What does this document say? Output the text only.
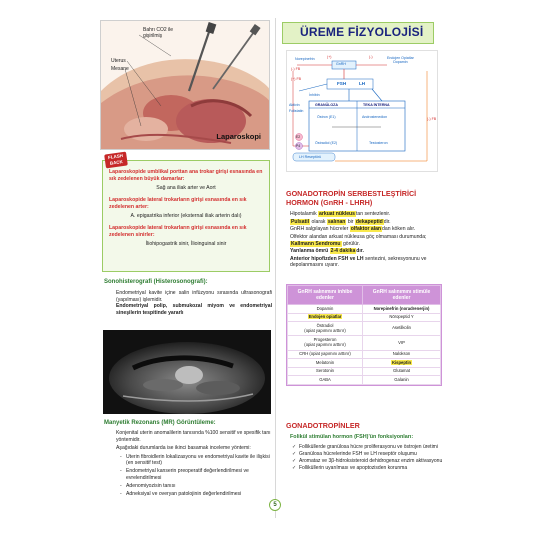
Bahrı CO2 ile
gişirilmiş
Uterus
Mesane
Laparoskopi
Laparoskopide umblikal porttan ana trokar girişi esnasında en sık zedelenen büyük damarlar:
Sağ ana iliak arter ve Aort
Laparoskopide lateral trokarların girişi esnasında en sık zedelenen arter:
A. epigastrika inferior (eksternal iliak arterin dalı)
Laparoskopide lateral trokarların girişi esnasında en sık zedelenen sinirler:
İliohipogastrik sinir, İlioinguinal sinir
FLASH
BACK
Sonohisterografi (Histerosonografi):

Endometriyal kavite içine salin infüzyonu sırasında ultrasonografi (yapılması) işlemidir.

Endometriyal polip, submukozal miyom ve endometriyal sineşilerin tespitinde yararlı

Manyetik Rezonans (MR) Görüntüleme:

Konjenital uterin anomalilerin tanısında %100 sensitif ve spesifik tanı yöntemidir.

Aşağıdaki durumlarda ise ikinci basamak inceleme yöntemi:

- Uterin fibroidlerin lokalizasyonu ve endometriyal kavite ile ilişkisi (en sensitif test)
- Endometriyal kanserin preoperatif değerlendirilmesi ve evrelendirilmesi
- Adenomiyozisin tanısı
- Adneksiyal ve overyan patolojinin değerlendirilmesi
ÜREME FİZYOLOJİSİ
Norepinefrin
GnRH
Endojen Opiatlar
Dopamin
(+)	(-)
(-) FB
(-) FB
(+) FB
FSH	LH
Aktivin
Folistatin
İnhibin
GRANÜLOZA	TEKA İNTERNA
Östron (E1)	Androstenedion
Östradiol (E2)	Testosteron
E2
P4
LH Reseptörü
GONADOTROPİN SERBESTLEŞTİRİCİ HORMON (GnRH - LHRH)

Hipotalamik arkuat nükleustan sentezlenir.

Pulsatil olarak salınan bir dekapeptiddir.

GnRH salgılayan hücreler olfaktor alandan köken alır.

Olfektor alandan arkuat nükleusa göç olmaması durumunda; Kallmann Sendromu görülür.

Yarılanma ömrü 2-4 dakikadır.

Anterior hipofizden FSH ve LH sentezini, sekresyonunu ve depolanmasını uyarır.

GnRH salınımını inhibe edenler	GnRH salınımını stimüle edenler
Dopamin	Norepinefrin (noradrenerjin)
Endojen opiatlar	Nöropeptid Y
Östradiol
(opiat yapımını arttırır)	Asetilkolin
Progesteron
(opiat yapımını arttırır)	VIP
CRH (opiat yapımını arttırır)	Nalokson
Melatonin	Kispeptin
Serotonin	Glutamat
GABA	Galanin
GONADOTROPİNLER
Folikül stimülan hormon (FSH)'ün fonksiyonları:
✓ Folliküllerde granülosa hücre proliferasyonu ve östrojen üretimi
✓ Granülosa hücrelerinde FSH ve LH reseptör oluşumu
✓ Aromataz ve 3β-hidroksisteroid dehidrogenaz enzim aktivasyonu
✓ Folliküllerin uyarılması ve apoptozisden korunma
5
